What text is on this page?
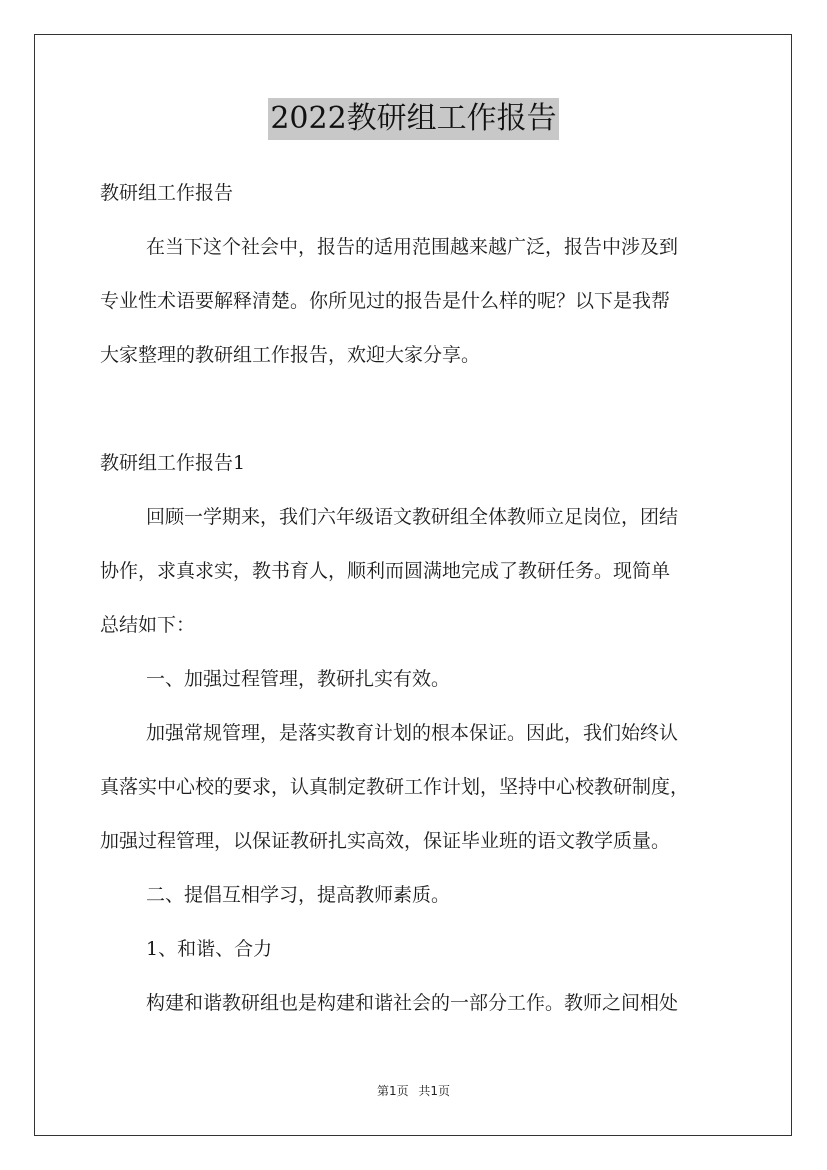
2022教研组工作报告
教研组工作报告
在当下这个社会中，报告的适用范围越来越广泛，报告中涉及到
专业性术语要解释清楚。你所见过的报告是什么样的呢？以下是我帮
大家整理的教研组工作报告，欢迎大家分享。
教研组工作报告1
回顾一学期来，我们六年级语文教研组全体教师立足岗位，团结
协作，求真求实，教书育人，顺利而圆满地完成了教研任务。现简单
总结如下：
一、加强过程管理，教研扎实有效。
加强常规管理，是落实教育计划的根本保证。因此，我们始终认
真落实中心校的要求，认真制定教研工作计划，坚持中心校教研制度，
加强过程管理，以保证教研扎实高效，保证毕业班的语文教学质量。
二、提倡互相学习，提高教师素质。
1、和谐、合力
构建和谐教研组也是构建和谐社会的一部分工作。教师之间相处
第1页 共1页
